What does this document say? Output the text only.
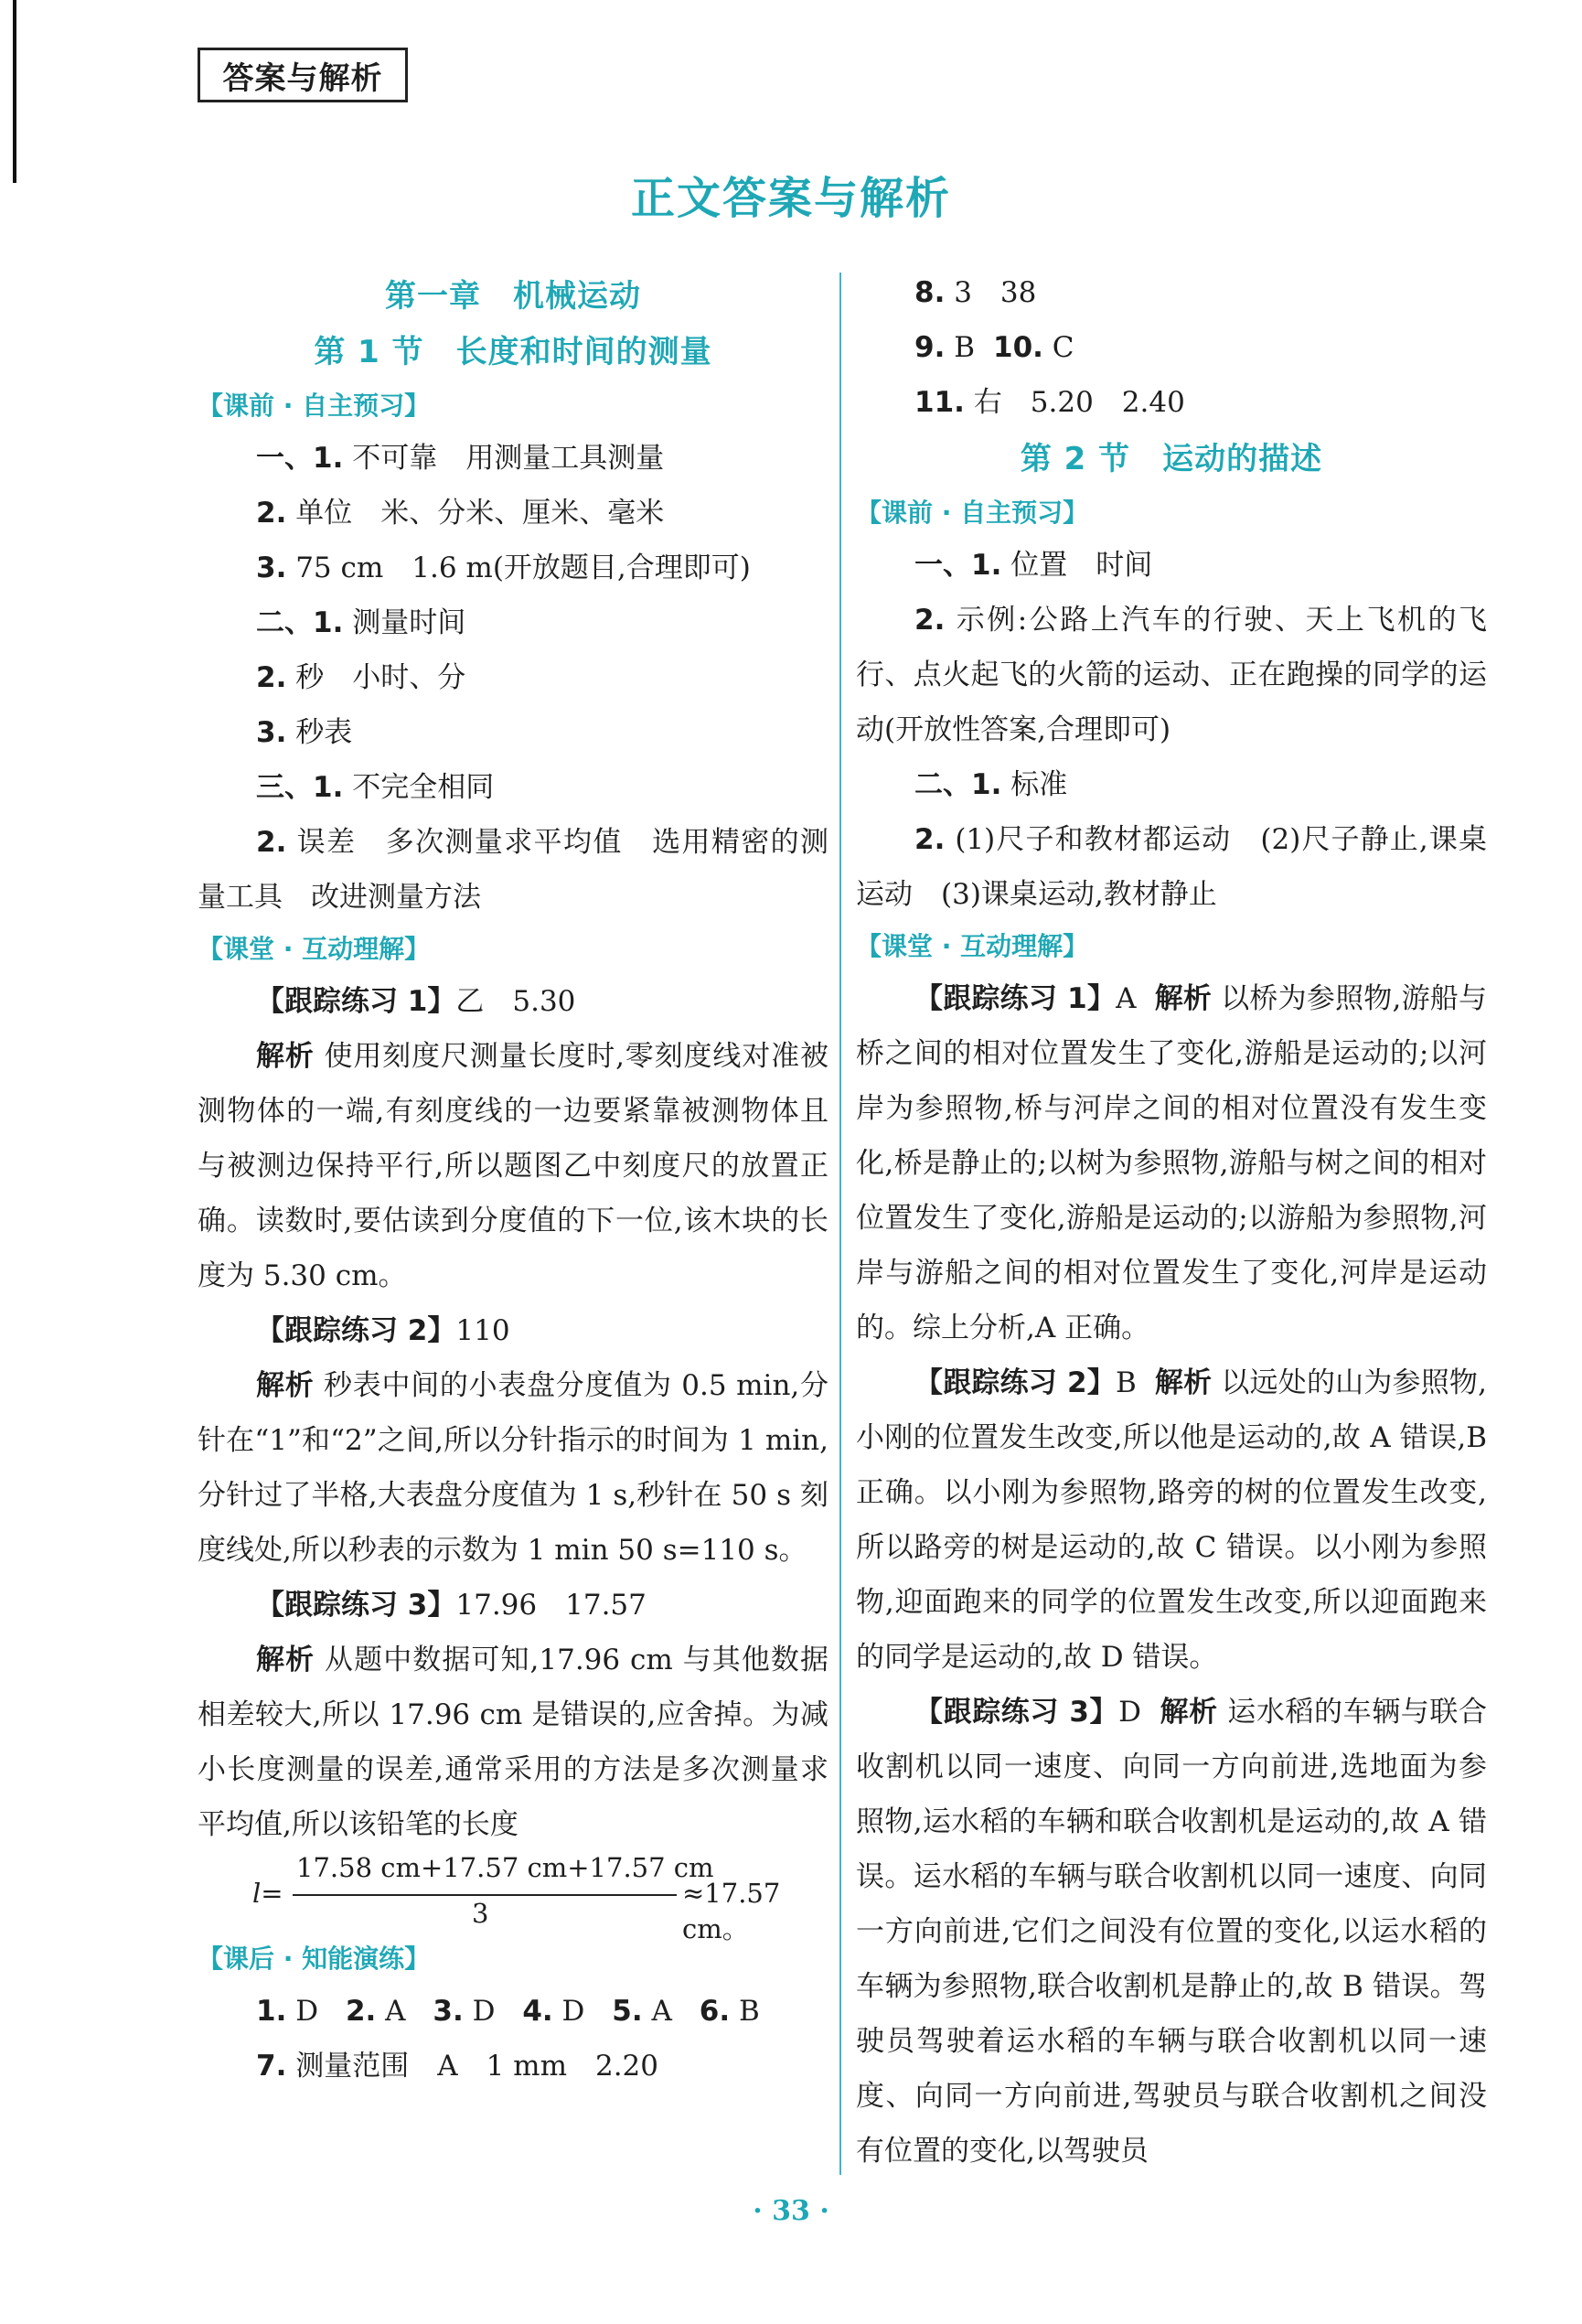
答案与解析
正文答案与解析
第一章　机械运动
第 1 节　长度和时间的测量
【课前 · 自主预习】
一、1. 不可靠　用测量工具测量
2. 单位　米、分米、厘米、毫米
3. 75 cm　1.6 m(开放题目,合理即可)
二、1. 测量时间
2. 秒　小时、分
3. 秒表
三、1. 不完全相同
2. 误差　多次测量求平均值　选用精密的测量工具　改进测量方法
【课堂 · 互动理解】
【跟踪练习 1】乙　5.30
解析 使用刻度尺测量长度时,零刻度线对准被测物体的一端,有刻度线的一边要紧靠被测物体且与被测边保持平行,所以题图乙中刻度尺的放置正确。读数时,要估读到分度值的下一位,该木块的长度为 5.30 cm。
【跟踪练习 2】110
解析 秒表中间的小表盘分度值为 0.5 min,分针在“1”和“2”之间,所以分针指示的时间为 1 min,分针过了半格,大表盘分度值为 1 s,秒针在 50 s 刻度线处,所以秒表的示数为 1 min 50 s=110 s。
【跟踪练习 3】17.96　17.57
解析 从题中数据可知,17.96 cm 与其他数据相差较大,所以 17.96 cm 是错误的,应舍掉。为减小长度测量的误差,通常采用的方法是多次测量求平均值,所以该铅笔的长度
l=
17.58 cm+17.57 cm+17.57 cm
3
≈17.57 cm。
【课后 · 知能演练】
1. D 2. A 3. D 4. D 5. A 6. B
7. 测量范围　A　1 mm　2.20
8. 3　38
9. B 10. C
11. 右　5.20　2.40
第 2 节　运动的描述
【课前 · 自主预习】
一、1. 位置　时间
2. 示例:公路上汽车的行驶、天上飞机的飞行、点火起飞的火箭的运动、正在跑操的同学的运动(开放性答案,合理即可)
二、1. 标准
2. (1)尺子和教材都运动　(2)尺子静止,课桌运动　(3)课桌运动,教材静止
【课堂 · 互动理解】
【跟踪练习 1】A 解析 以桥为参照物,游船与桥之间的相对位置发生了变化,游船是运动的;以河岸为参照物,桥与河岸之间的相对位置没有发生变化,桥是静止的;以树为参照物,游船与树之间的相对位置发生了变化,游船是运动的;以游船为参照物,河岸与游船之间的相对位置发生了变化,河岸是运动的。综上分析,A 正确。
【跟踪练习 2】B 解析 以远处的山为参照物,小刚的位置发生改变,所以他是运动的,故 A 错误,B 正确。以小刚为参照物,路旁的树的位置发生改变,所以路旁的树是运动的,故 C 错误。以小刚为参照物,迎面跑来的同学的位置发生改变,所以迎面跑来的同学是运动的,故 D 错误。
【跟踪练习 3】D 解析 运水稻的车辆与联合收割机以同一速度、向同一方向前进,选地面为参照物,运水稻的车辆和联合收割机是运动的,故 A 错误。运水稻的车辆与联合收割机以同一速度、向同一方向前进,它们之间没有位置的变化,以运水稻的车辆为参照物,联合收割机是静止的,故 B 错误。驾驶员驾驶着运水稻的车辆与联合收割机以同一速度、向同一方向前进,驾驶员与联合收割机之间没有位置的变化,以驾驶员
· 33 ·
